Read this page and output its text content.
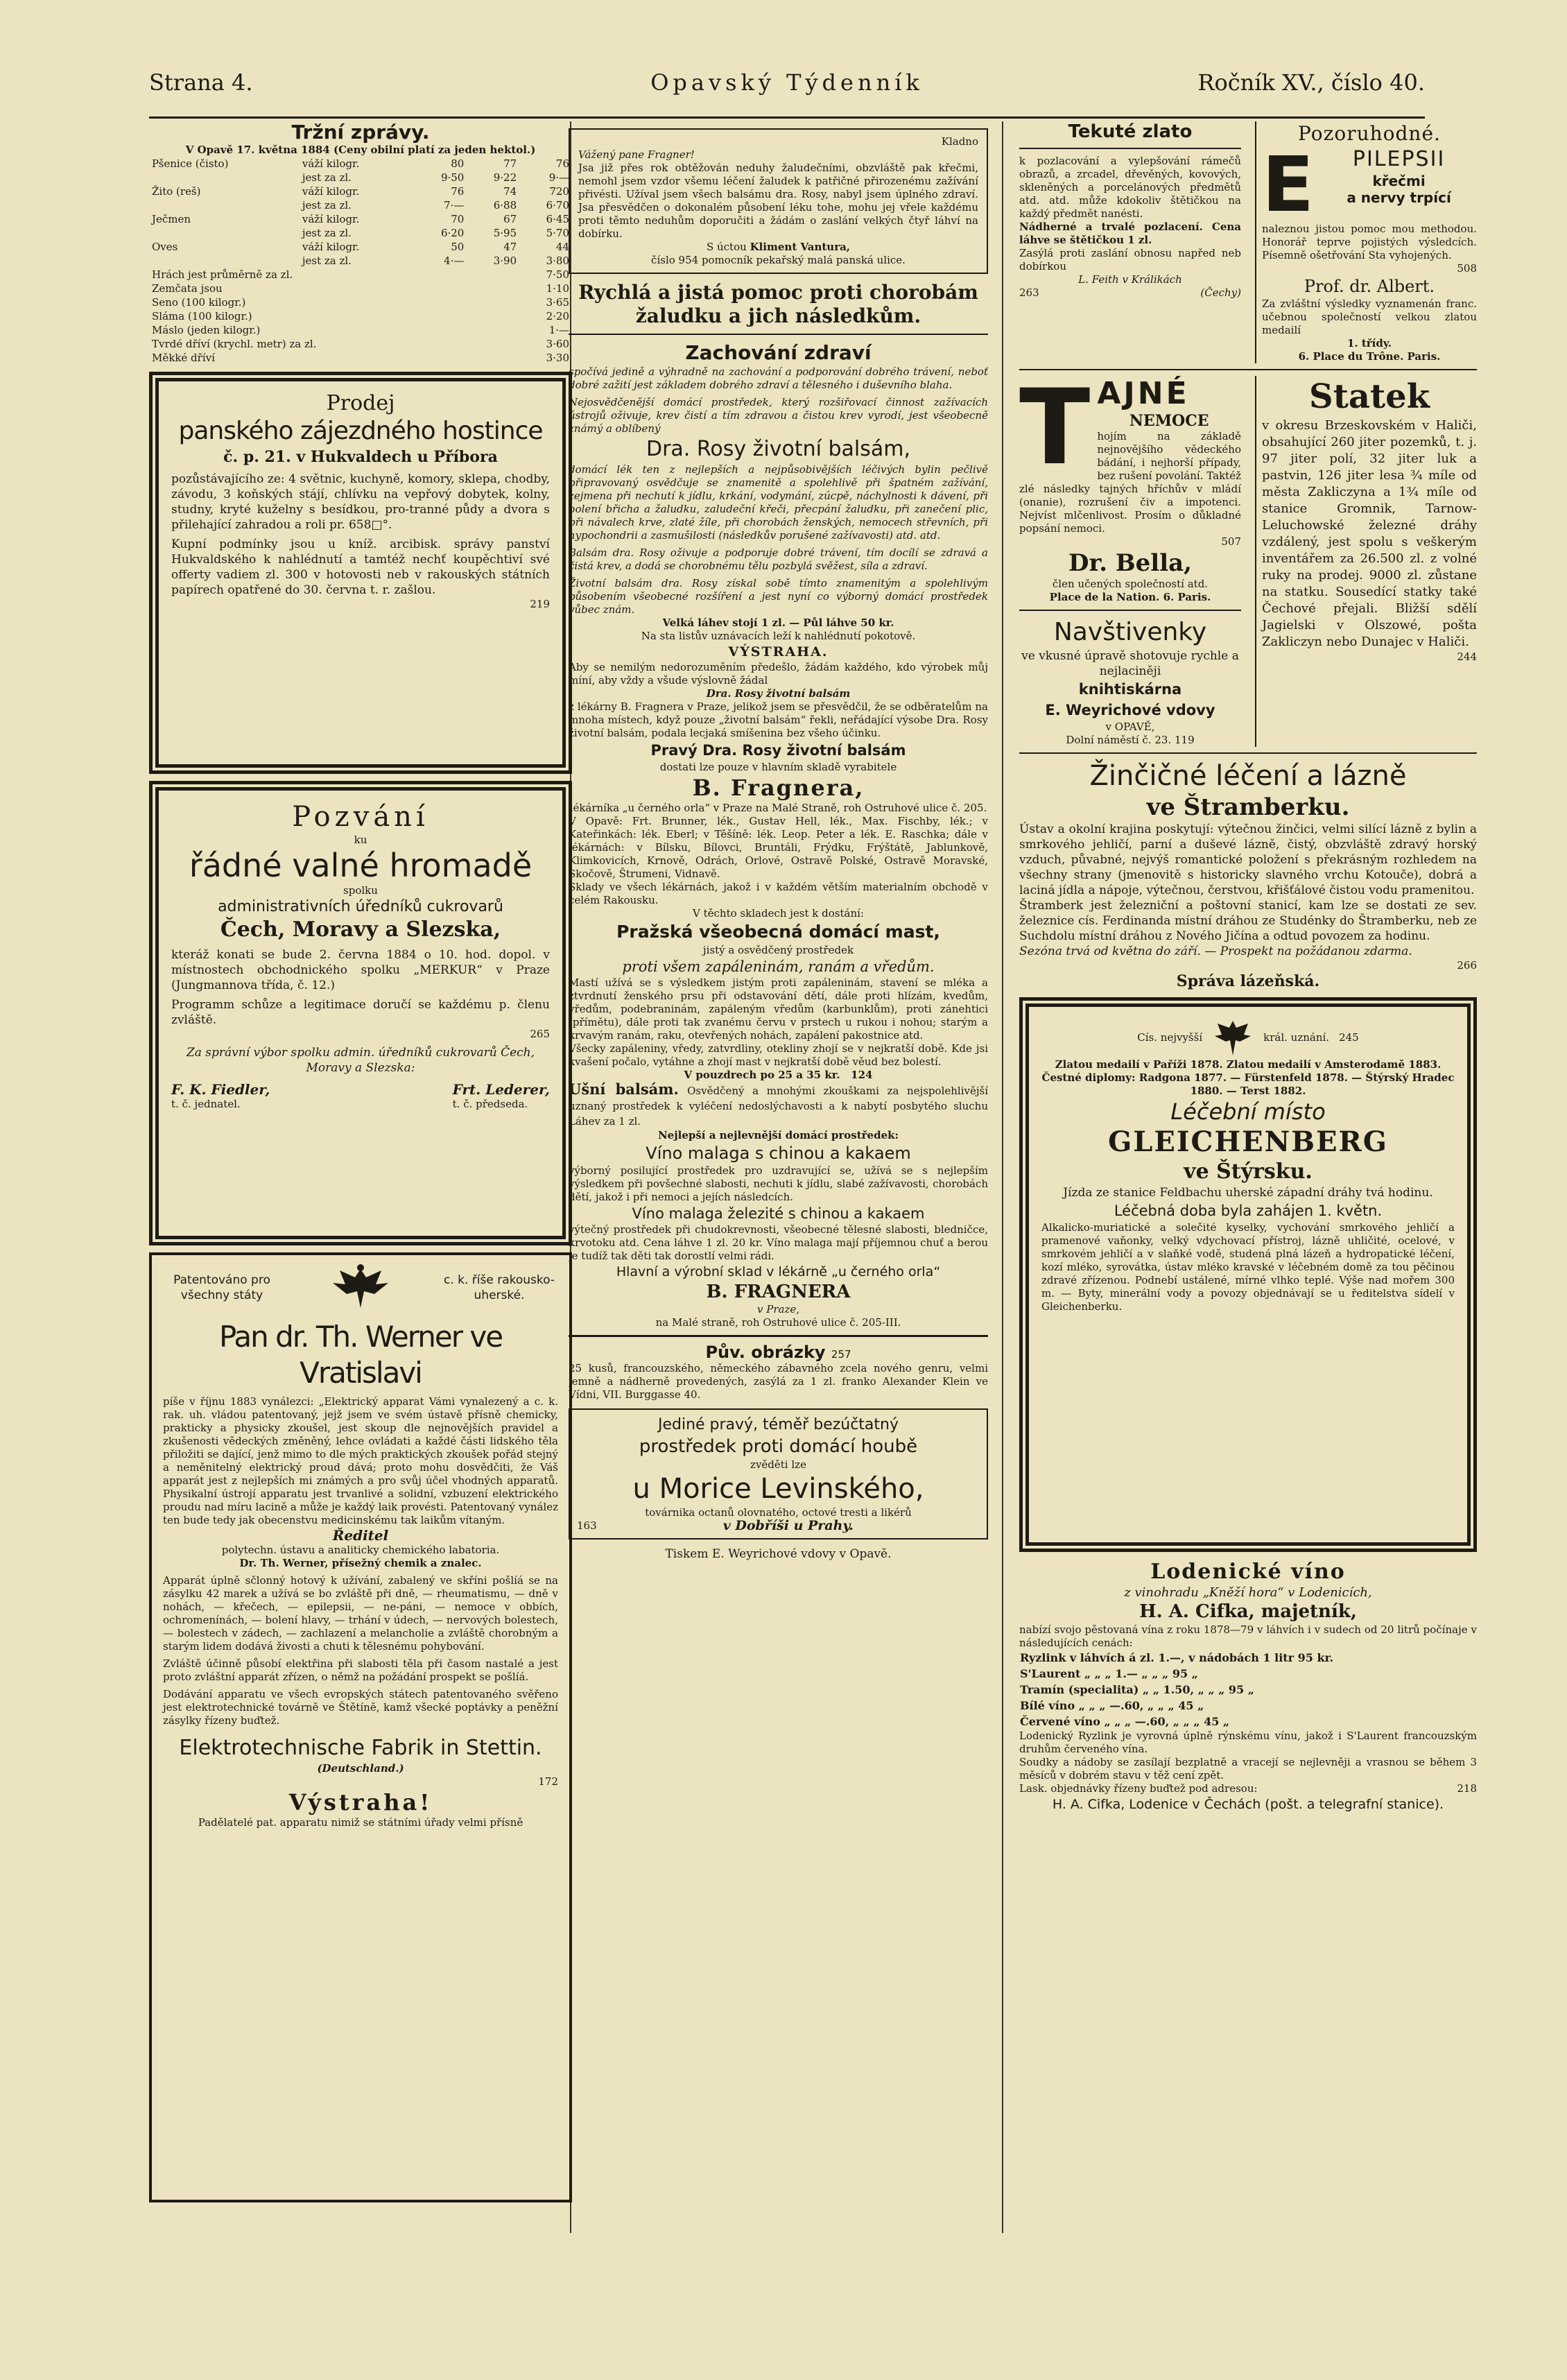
Strana 4.	Opavský Týdenník	Ročník XV., číslo 40.

Tržní zprávy.

V Opavě 17. května 1884 (Ceny obilní platí za jeden hektol.)

Pšenice (čisto)	váží kilogr.	80	77	76
	jest za zl.	9·50	9·22	9·—
Žito (reš)	váží kilogr.	76	74	720
	jest za zl.	7·—	6·88	6·70
Ječmen	váží kilogr.	70	67	6·45
	jest za zl.	6·20	5·95	5·70
Oves	váží kilogr.	50	47	44
	jest za zl.	4·—	3·90	3·80
Hrách jest průměrně za zl.	7·50
Zemčata jsou	1·10
Seno (100 kilogr.)	3·65
Sláma (100 kilogr.)	2·20
Máslo (jeden kilogr.)	1·—
Tvrdé dříví (krychl. metr) za zl.	3·60
Měkké dříví	3·30

Prodej

panského zájezdného hostince

č. p. 21. v Hukvaldech u Příbora

pozůstávajícího ze: 4 světnic, kuchyně, komory, sklepa, chodby, závodu, 3 koňských stájí, chlívku na vepřový dobytek, kolny, studny, kryté kuželny s besídkou, pro-tranné půdy a dvora s přilehající zahradou a roli pr. 658□°.

Kupní podmínky jsou u kníž. arcibisk. správy panství Hukvaldského k nahlédnutí a tamtéž nechť koupěchtiví své offerty vadiem zl. 300 v hotovosti neb v rakouských státních papírech opatřené do 30. června t. r. zašlou.

219

Pozvání

ku

řádné valné hromadě

spolku

administrativních úředníků cukrovarů

Čech, Moravy a Slezska,

kteráž konati se bude 2. června 1884 o 10. hod. dopol. v místnostech obchodnického spolku „MERKUR“ v Praze (Jungmannova třída, č. 12.)

Programm schůze a legitimace doručí se každému p. členu zvláště.

265

Za správní výbor spolku admin. úředníků cukrovarů Čech, Moravy a Slezska:

F. K. Fiedler,

t. č. jednatel.

Frt. Lederer,

t. č. předseda.

Patentováno pro všechny státy

c. k. říše rakousko-uherské.

Pan dr. Th. Werner ve Vratislavi

píše v říjnu 1883 vynálezci: „Elektrický apparat Vámi vynalezený a c. k. rak. uh. vládou patentovaný, jejž jsem ve svém ústavě přísně chemicky, prakticky a physicky zkoušel, jest skoup dle nejnovějších pravidel a zkušenosti vědeckých změněný, lehce ovládati a každé části lidského těla přiložiti se dající, jenž mimo to dle mých praktických zkoušek pořád stejný a neměnitelný elektrický proud dává; proto mohu dosvědčiti, že Váš apparát jest z nejlepších mi známých a pro svůj účel vhodných apparatů. Physikalní ústrojí apparatu jest trvanlivé a solidní, vzbuzení elektrického proudu nad míru lacině a může je každý laik provésti. Patentovaný vynález ten bude tedy jak obecenstvu medicinskému tak laikům vítaným.

Ředitel

polytechn. ústavu a analiticky chemického labatoria.

Dr. Th. Werner, přísežný chemik a znalec.

Apparát úplně sčlonný hotový k užívání, zabalený ve skříni pošlíá se na zásylku 42 marek a užívá se bo zvláště při dně, — rheumatismu, — dně v nohách, — křečech, — epilepsii, — ne-páni, — nemoce v obbích, ochromenínách, — bolení hlavy, — trhání v údech, — nervových bolestech, — bolestech v zádech, — zachlazení a melancholie a zvláště chorobným a starým lidem dodává živosti a chuti k tělesnému pohybování.

Zvláště účinně působí elektřina při slabosti těla při časom nastalé a jest proto zvláštní apparát zřízen, o němž na požádání prospekt se pošlíá.

Dodávání apparatu ve všech evropských státech patentovaného svěřeno jest elektrotechnické továrně ve Štětíně, kamž všecké poptávky a peněžní zásylky řízeny buďtež.

Elektrotechnische Fabrik in Stettin.

(Deutschland.)

172

Výstraha!

Padělatelé pat. apparatu nimiž se státními úřady velmi přísně

Kladno

Vážený pane Fragner!

Jsa již přes rok obtěžován neduhy žaludečními, obzvláště pak křečmi, nemohl jsem vzdor všemu léčení žaludek k patřičné přirozenému zažívání přivésti. Užíval jsem všech balsámu dra. Rosy, nabyl jsem úplného zdraví. Jsa přesvědčen o dokonalém působení léku tohe, mohu jej vřele každému proti těmto neduhům doporučiti a žádám o zaslání velkých čtyř láhví na dobírku.

S úctou Kliment Vantura,

číslo 954 pomocník pekařský malá panská ulice.

Rychlá a jistá pomoc proti chorobám žaludku a jich následkům.

Zachování zdraví

spočívá jedině a výhradně na zachování a podporování dobrého trávení, neboť dobré zažití jest základem dobrého zdraví a tělesného i duševního blaha.

Nejosvědčenější domácí prostředek, který rozšiřovací činnost zažívacích ústrojů oživuje, krev čistí a tím zdravou a čistou krev vyrodí, jest všeobecně známý a oblíbený

Dra. Rosy životní balsám,

domácí lék ten z nejlepších a nejpůsobivějších léčivých bylin pečlivě připravovaný osvědčuje se znamenitě a spolehlivě při špatném zažívání, zejmena při nechutí k jídlu, krkání, vodymání, zúcpě, náchylnosti k dávení, při bolení břicha a žaludku, zaludeční křeči, přecpání žaludku, při zanečení plic, při návalech krve, zlaté žíle, při chorobách ženských, nemocech střevních, při hypochondrii a zasmušilosti (následkův porušené zažívavosti) atd. atd.

Balsám dra. Rosy oživuje a podporuje dobré trávení, tím docílí se zdravá a čistá krev, a dodá se chorobnému tělu pozbylá svěžest, síla a zdraví.

Životní balsám dra. Rosy získal sobě tímto znamenitým a spolehlivým působením všeobecné rozšíření a jest nyní co výborný domácí prostředek vůbec znám.

Velká láhev stojí 1 zl. — Půl láhve 50 kr.

Na sta listův uznávacích leží k nahlédnutí pokotově.

VÝSTRAHA.

Aby se nemilým nedorozuměním předešlo, žádám každého, kdo výrobek můj míní, aby vždy a všude výslovně žádal

Dra. Rosy životní balsám

z lékárny B. Fragnera v Praze, jelikož jsem se přesvědčil, že se odběratelům na mnoha místech, když pouze „životní balsám“ řekli, neřádající výsobe Dra. Rosy životní balsám, podala lecjaká smíšenina bez všeho účinku.

Pravý Dra. Rosy životní balsám

dostati lze pouze v hlavním skladě vyrabitele

B. Fragnera,

lékárníka „u černého orla“ v Praze na Malé Straně, roh Ostruhové ulice č. 205.

V Opavě: Frt. Brunner, lék., Gustav Hell, lék., Max. Fischby, lék.; v Kateřinkách: lék. Eberl; v Těšíně: lék. Leop. Peter a lék. E. Raschka; dále v lékárnách: v Bílsku, Bílovci, Bruntáli, Frýdku, Frýštátě, Jablunkově, Klimkovicích, Krnově, Odrách, Orlové, Ostravě Polské, Ostravě Moravské, Skočově, Štrumeni, Vidnavě.

Sklady ve všech lékárnách, jakož i v každém větším materialním obchodě v celém Rakousku.

V těchto skladech jest k dostání:

Pražská všeobecná domácí mast,

jistý a osvědčený prostředek

proti všem zapáleninám, ranám a vředům.

Mastí užívá se s výsledkem jistým proti zapáleninám, stavení se mléka a ztvrdnutí ženského prsu při odstavování dětí, dále proti hlízám, kvedům, vředům, podebraninám, zapáleným vředům (karbunklům), proti zánehtici (přímětu), dále proti tak zvanému červu v prstech u rukou i nohou; starým a krvavým ranám, raku, otevřených nohách, zapálení pakostnice atd.

Všecky zapáleniny, vředy, zatvrdliny, otekliny zhojí se v nejkratší době. Kde jsi kvašení počalo, vytáhne a zhojí mast v nejkratší době věud bez bolestí.

V pouzdrech po 25 a 35 kr. 124

Ušní balsám. Osvědčený a mnohými zkouškami za nejspolehlivější uznaný prostředek k vyléčení nedoslýchavosti a k nabytí posbytého sluchu Láhev za 1 zl.

Nejlepší a nejlevnější domácí prostředek:

Víno malaga s chinou a kakaem

výborný posilující prostředek pro uzdravující se, užívá se s nejlepším výsledkem při povšechné slabosti, nechuti k jídlu, slabé zažívavosti, chorobách dětí, jakož i při nemoci a jejích následcích.

Víno malaga železité s chinou a kakaem

výtečný prostředek při chudokrevnosti, všeobecné tělesné slabosti, bledničce, krvotoku atd. Cena láhve 1 zl. 20 kr. Víno malaga mají příjemnou chuť a berou je tudíž tak děti tak dorostlí velmi rádi.

Hlavní a výrobní sklad v lékárně „u černého orla“

B. FRAGNERA

v Praze,

na Malé straně, roh Ostruhové ulice č. 205-III.

Pův. obrázky 257

25 kusů, francouzského, německého zábavného zcela nového genru, velmi jemně a nádherně provedených, zasýlá za 1 zl. franko Alexander Klein ve Vídni, VII. Burggasse 40.

Jediné pravý, téměř bezúčtatný

prostředek proti domácí houbě

zvěděti lze

u Morice Levinského,

továrnika octanů olovnatého, octové tresti a likérů

163	v Dobříši u Prahy.

Tiskem E. Weyrichové vdovy v Opavě.

Tekuté zlato

k pozlacování a vylepšování rámečů obrazů, a zrcadel, dřevěných, kovových, skleněných a porcelánových předmětů atd. atd. může kdokoliv štětičkou na každý předmět nanésti.

Nádherné a trvalé pozlacení. Cena láhve se štětičkou 1 zl.

Zasýlá proti zaslání obnosu napřed neb dobírkou

L. Feith v Králikách

263	(Čechy)

Pozoruhodné.

E	PILEPSII

křečmi

a nervy trpící

naleznou jistou pomoc mou methodou. Honorář teprve pojistých výsledcích. Písemně ošetřování Sta vyhojených.

508

Prof. dr. Albert.

Za zvláštní výsledky vyznamenán franc. učebnou společností velkou zlatou medailí

1. třídy.

6. Place du Trône. Paris.

T AJNÉ

NEMOCE

hojím na základě nejnovějšího vědeckého bádání, i nejhorší případy, bez rušení povolání. Taktéž zlé následky tajných hříchův v mládí (onanie), rozrušení čiv a impotenci. Nejvíst mlčenlivost. Prosím o důkladné popsání nemoci.

507

Dr. Bella,

člen učených společností atd.

Place de la Nation. 6. Paris.

Navštivenky

ve vkusné úpravě shotovuje rychle a nejlaciněji

knihtiskárna

E. Weyrichové vdovy

v OPAVĚ,

Dolní náměstí č. 23. 119

Statek

v okresu Brzeskovském v Haliči, obsahující 260 jiter pozemků, t. j. 97 jiter polí, 32 jiter luk a pastvin, 126 jiter lesa ¾ míle od města Zakliczyna a 1¾ míle od stanice Gromnik, Tarnow-Leluchowské železné dráhy vzdálený, jest spolu s veškerým inventářem za 26.500 zl. z volné ruky na prodej. 9000 zl. zůstane na statku. Sousedící statky také Čechové přejali. Bližší sdělí Jagielski v Olszowé, pošta Zakliczyn nebo Dunajec v Haliči.

244

Žinčičné léčení a lázně

ve Štramberku.

Ústav a okolní krajina poskytují: výtečnou žinčici, velmi silící lázně z bylin a smrkového jehličí, parní a duševé lázně, čistý, obzvláště zdravý horský vzduch, půvabné, nejvýš romantické položení s překrásným rozhledem na všechny strany (jmenovitě s historicky slavného vrchu Kotouče), dobrá a laciná jídla a nápoje, výtečnou, čerstvou, křišťálové čistou vodu pramenitou.

Štramberk jest železniční a poštovní stanicí, kam lze se dostati ze sev. železnice cís. Ferdinanda místní dráhou ze Studénky do Štramberku, neb ze Suchdolu místní dráhou z Nového Jičína a odtud povozem za hodinu.

Sezóna trvá od května do září. — Prospekt na požádanou zdarma.

266

Správa lázeňská.

Cís. nejvyšší	král. uznání. 245

Zlatou medailí v Paříži 1878. Zlatou medailí v Amsterodamě 1883. Čestné diplomy: Radgona 1877. — Fürstenfeld 1878. — Štýrský Hradec 1880. — Terst 1882.

Léčební místo

GLEICHENBERG

ve Štýrsku.

Jízda ze stanice Feldbachu uherské západní dráhy tvá hodinu.

Léčebná doba byla zahájen 1. květn.

Alkalicko-muriatické a solečité kyselky, vychování smrkového jehličí a pramenové vaňonky, velký vdychovací přístroj, lázně uhličité, ocelové, v smrkovém jehličí a v slaňké vodě, studená plná lázeň a hydropatické léčení, kozí mléko, syrovátka, ústav mléko kravské v léčebném domě za tou pěčinou zdravé zřízenou. Podnebí ustálené, mírné vlhko teplé. Výše nad mořem 300 m. — Byty, minerální vody a povozy objednávají se u ředitelstva sídelí v Gleichenberku.

Lodenické víno

z vinohradu „Kněží hora“ v Lodenicích,

H. A. Cifka, majetník,

nabízí svojo pěstovaná vína z roku 1878—79 v láhvích i v sudech od 20 litrů počínaje v následujících cenách:

Ryzlink v láhvích á zl. 1.—, v nádobách 1 litr 95 kr.
S'Laurent „ „ „ 1.— „ „ „ 95 „
Tramín (specialita) „ „ 1.50, „ „ „ 95 „
Bílé víno „ „ „ —.60, „ „ „ 45 „
Červené víno „ „ „ —.60, „ „ „ 45 „

Lodenický Ryzlink je vyrovná úplně rýnskému vínu, jakož i S'Laurent francouzským druhům červeného vína.

Soudky a nádoby se zasílají bezplatně a vracejí se nejlevněji a vrasnou se během 3 měsíců v dobrém stavu v těž cení zpět.

Lask. objednávky řízeny buďtež pod adresou:	218

H. A. Cifka, Lodenice v Čechách (pošt. a telegrafní stanice).
